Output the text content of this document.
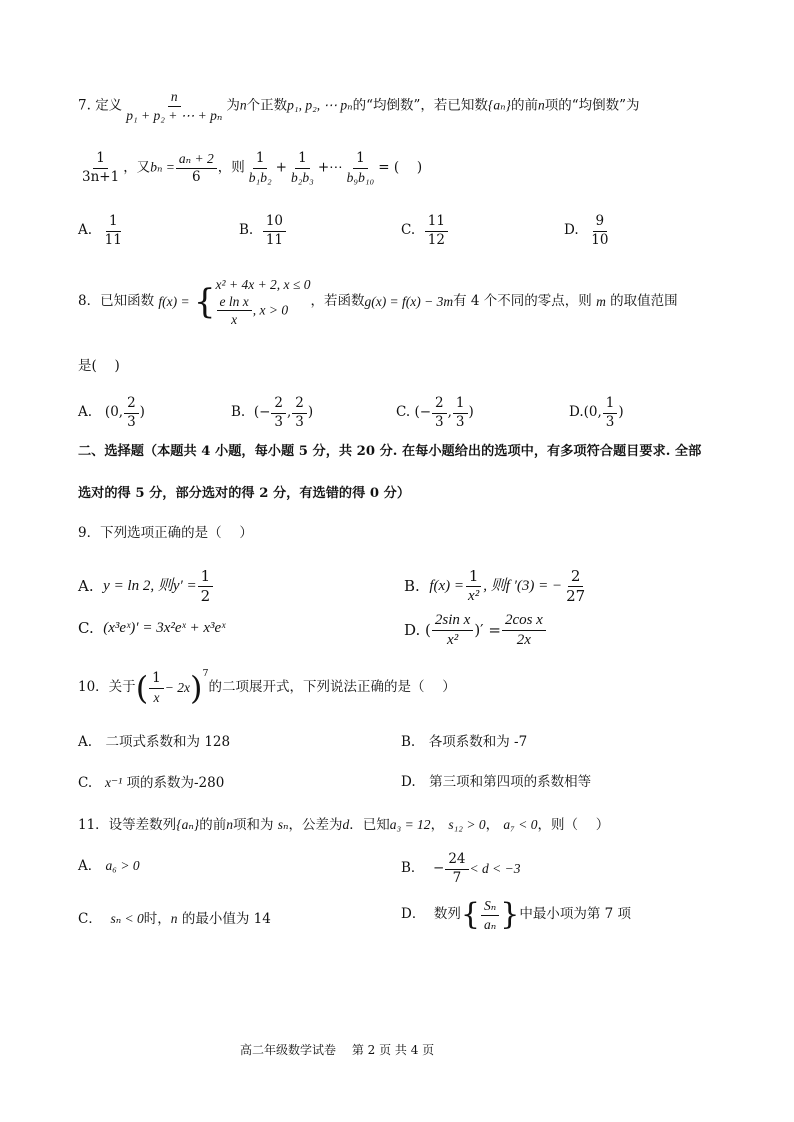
7. 定义 $\frac{n}{\text{p₁ + p₂ + ⋯ + pₙ}}$ 为n个正数p₁, p₂, ⋯ pₙ的“均倒数”，若已知数{aₙ}的前n项的“均倒数”为
$\frac{1}{3n+1}$ ，又$b_n = \frac{\text{aₙ + 2}}{6}$ ，则 $\frac{1}{\text{b₁b₂}} + \frac{1}{\text{b₂b₃}}$ +⋯ $\frac{1}{\text{b₉b₁₀}}$ = (　 )
A.
$\frac{1}{11}$	B.
$\frac{10}{11}$	C.
$\frac{11}{12}$	D.
$\frac{9}{10}$
8． 已知函数
f(x) =
{ x² + 4x + 2, x ≤ 0
$\frac{\text{e ln x}}{x}$ , x > 0
，若函数 g(x) = f(x) − 3m 有 4 个不同的零点，则
m
的取值范围
是(　 )
A.
(0, $\frac{2}{3}$ )	B.
(− $\frac{2}{3}$ , $\frac{2}{3}$ )	C.
(− $\frac{2}{3}$ , $\frac{1}{3}$ )	D. (0, $\frac{1}{3}$ )
二、选择题（本题共 4 小题，每小题 5 分，共 20 分. 在每小题给出的选项中，有多项符合题目要求. 全部
选对的得 5 分，部分选对的得 2 分，有选错的得 0 分）
9．下列选项正确的是（　 ）
A.
y = ln 2, 则$y' = \frac{1}{2}$	B.
$f(x) = \frac{1}{\text{x²}}$ , 则f ′(3) = − $\frac{2}{27}$
C.
(x³eˣ)′ = 3x²eˣ + x³eˣ	D.
( $\frac{\text{2sin x}}{\text{x²}}$ )′ = $\frac{\text{2cos x}}{2x}$
10．关于 ( $\frac{1}{x} - 2x$ )$^7$
的二项展开式，下列说法正确的是（　 ）
A.　二项式系数和为 128	B.　各项系数和为 -7
C. x⁻¹ 项的系数为-280	D.　第三项和第四项的系数相等
11．设等差数列{aₙ}的前n项和为 sₙ，公差为d．已知a₃ = 12， s₁₂ > 0， a₇ < 0，则（　 ）
A． a₆ > 0	B．
− $\frac{24}{7} < d < -3$
C． sₙ < 0时，n 的最小值为 14	D．
数列 { $\frac{\text{Sₙ}}{\text{aₙ}}$ } 中最小项为第 7 项
高二年级数学试卷　 第 2 页 共 4 页
